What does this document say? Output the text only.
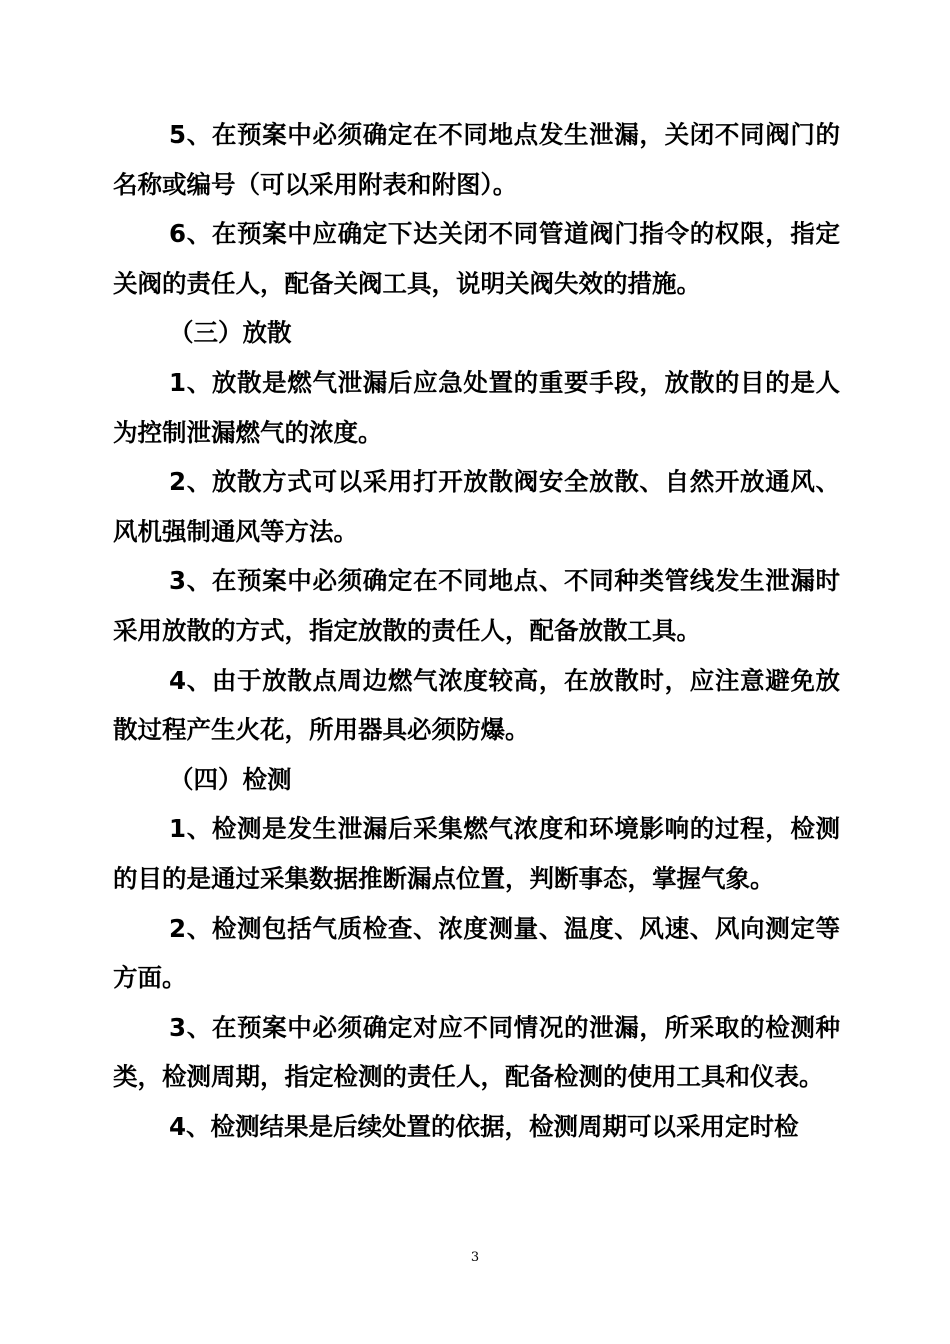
5、在预案中必须确定在不同地点发生泄漏，关闭不同阀门的名称或编号（可以采用附表和附图）。

6、在预案中应确定下达关闭不同管道阀门指令的权限，指定关阀的责任人，配备关阀工具，说明关阀失效的措施。

（三）放散

1、放散是燃气泄漏后应急处置的重要手段，放散的目的是人为控制泄漏燃气的浓度。

2、放散方式可以采用打开放散阀安全放散、自然开放通风、风机强制通风等方法。

3、在预案中必须确定在不同地点、不同种类管线发生泄漏时采用放散的方式，指定放散的责任人，配备放散工具。

4、由于放散点周边燃气浓度较高，在放散时，应注意避免放散过程产生火花，所用器具必须防爆。

（四）检测

1、检测是发生泄漏后采集燃气浓度和环境影响的过程，检测的目的是通过采集数据推断漏点位置，判断事态，掌握气象。

2、检测包括气质检查、浓度测量、温度、风速、风向测定等方面。

3、在预案中必须确定对应不同情况的泄漏，所采取的检测种类，检测周期，指定检测的责任人，配备检测的使用工具和仪表。

4、检测结果是后续处置的依据，检测周期可以采用定时检

3
